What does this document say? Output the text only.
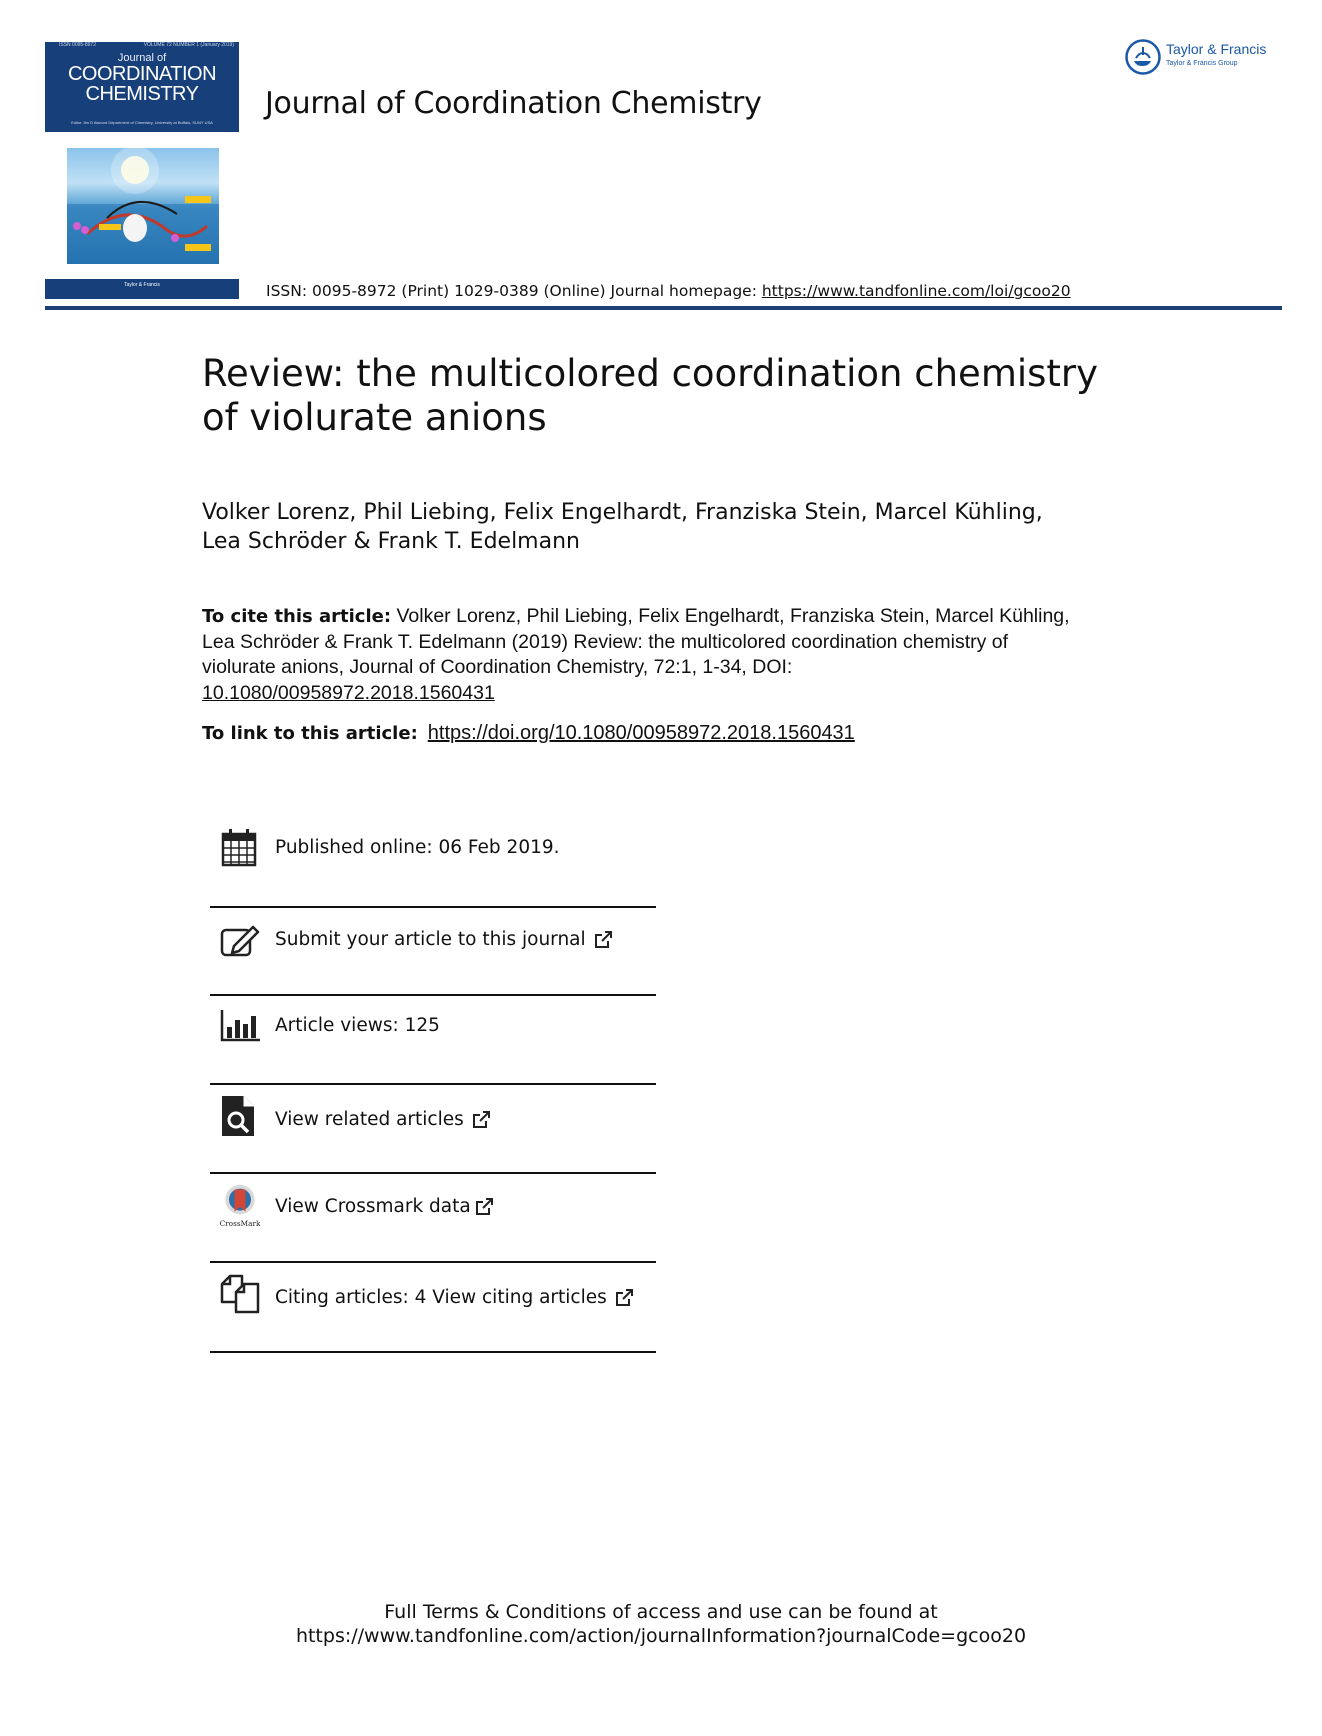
ISSN 0095-8972	VOLUME 72 NUMBER 1 (January 2019)
Journal of
COORDINATION
CHEMISTRY
Editor Jim D Atwood Department of Chemistry, University at Buffalo, SUNY USA
Taylor & Francis
Journal of Coordination Chemistry
Taylor & Francis
Taylor & Francis Group
ISSN: 0095-8972 (Print) 1029-0389 (Online) Journal homepage: https://www.tandfonline.com/loi/gcoo20
Review: the multicolored coordination chemistry
of violurate anions
Volker Lorenz, Phil Liebing, Felix Engelhardt, Franziska Stein, Marcel Kühling,
Lea Schröder & Frank T. Edelmann
To cite this article: Volker Lorenz, Phil Liebing, Felix Engelhardt, Franziska Stein, Marcel Kühling, Lea Schröder & Frank T. Edelmann (2019) Review: the multicolored coordination chemistry of violurate anions, Journal of Coordination Chemistry, 72:1, 1-34, DOI: 10.1080/00958972.2018.1560431
To link to this article: https://doi.org/10.1080/00958972.2018.1560431
Published online: 06 Feb 2019.
Submit your article to this journal
Article views: 125
View related articles
CrossMark
View Crossmark data
Citing articles: 4 View citing articles
Full Terms & Conditions of access and use can be found at
https://www.tandfonline.com/action/journalInformation?journalCode=gcoo20
